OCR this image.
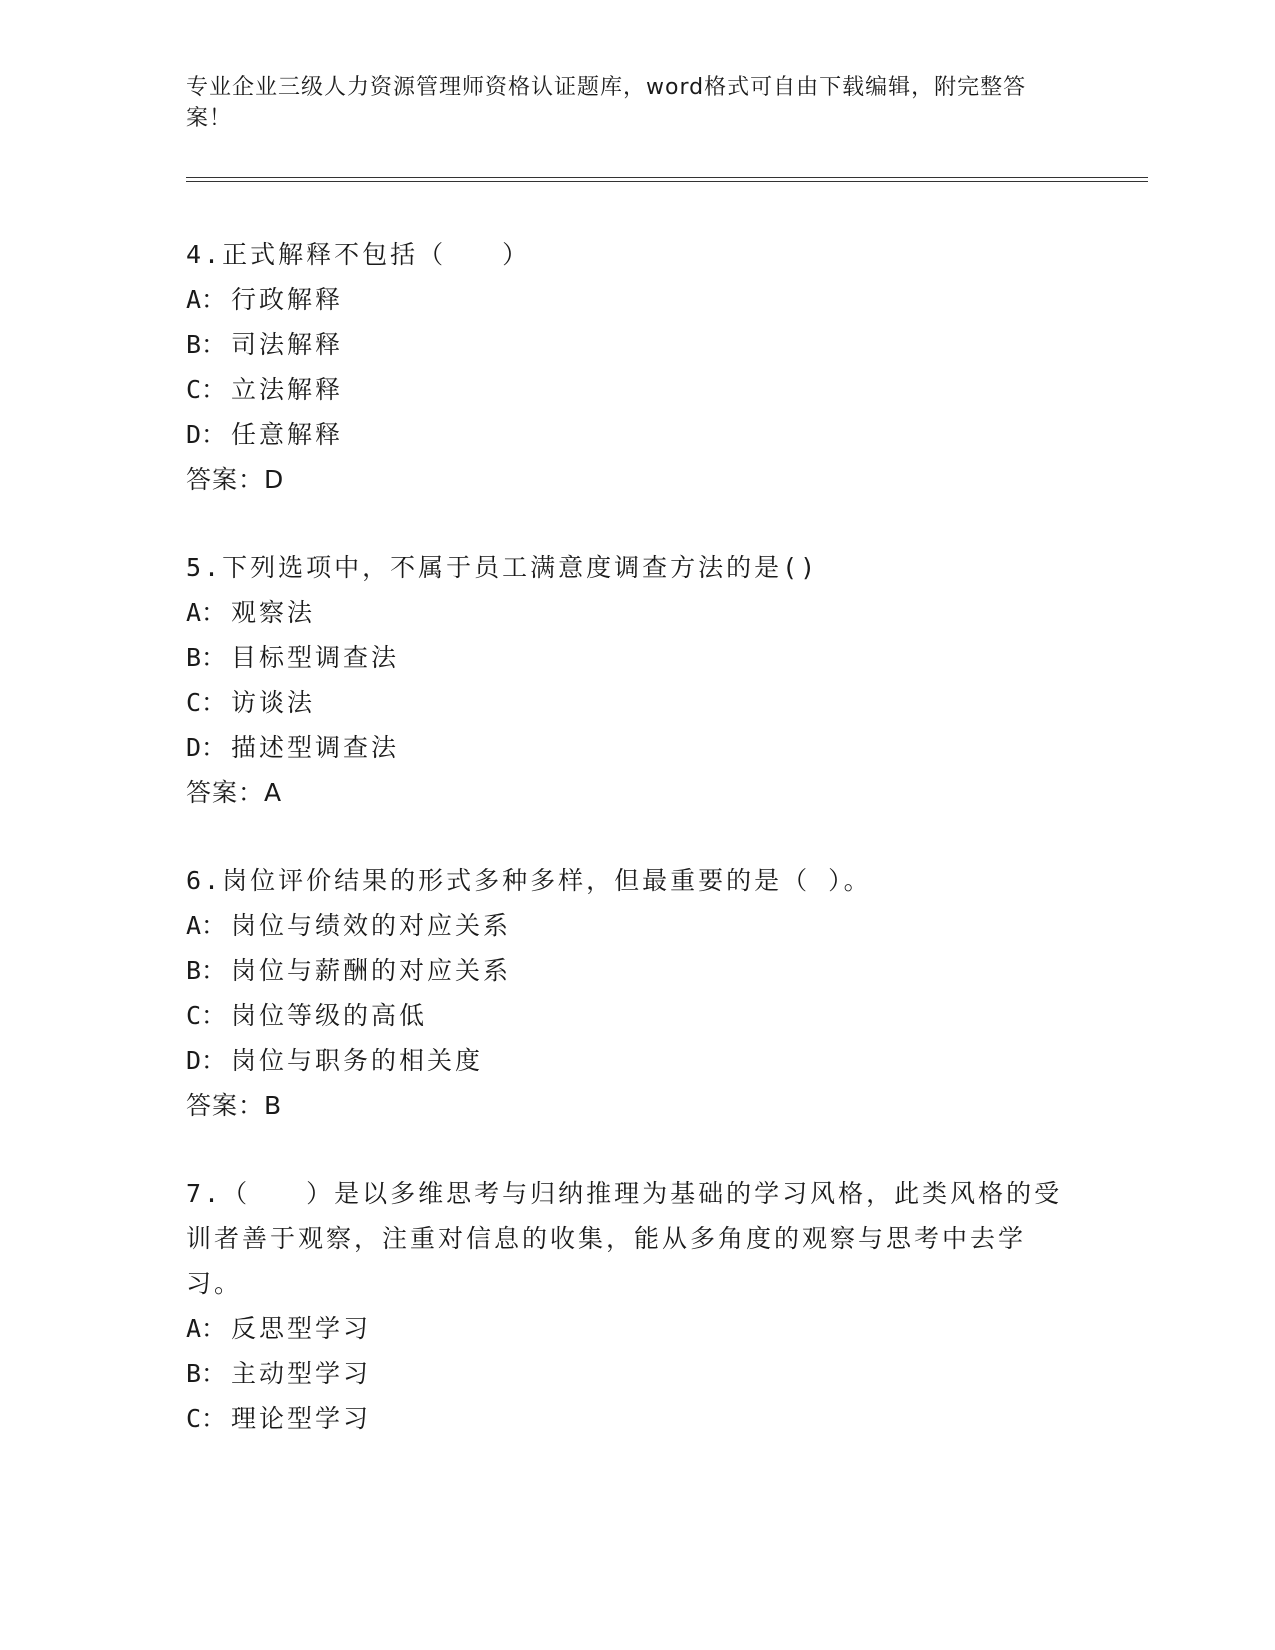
专业企业三级人力资源管理师资格认证题库，word格式可自由下载编辑，附完整答案！
4.正式解释不包括（　　）
A： 行政解释
B： 司法解释
C： 立法解释
D： 任意解释
答案：D
5.下列选项中，不属于员工满意度调查方法的是()
A： 观察法
B： 目标型调查法
C： 访谈法
D： 描述型调查法
答案：A
6.岗位评价结果的形式多种多样，但最重要的是（ ）。
A： 岗位与绩效的对应关系
B： 岗位与薪酬的对应关系
C： 岗位等级的高低
D： 岗位与职务的相关度
答案：B
7.（　　）是以多维思考与归纳推理为基础的学习风格，此类风格的受训者善于观察，注重对信息的收集，能从多角度的观察与思考中去学习。
A： 反思型学习
B： 主动型学习
C： 理论型学习
